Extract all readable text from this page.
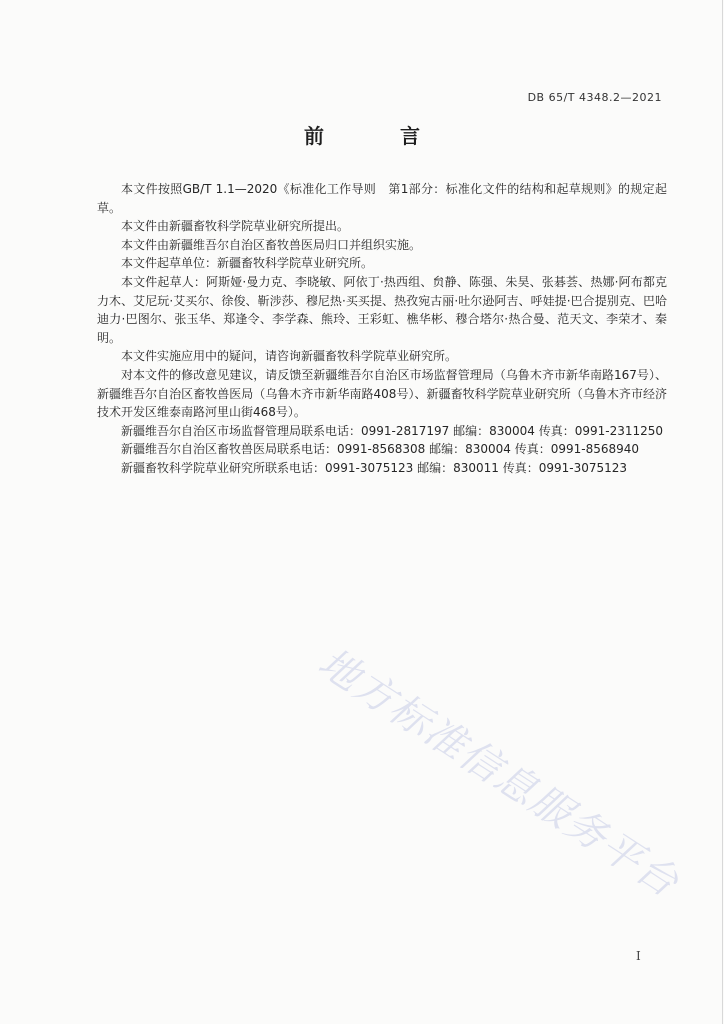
DB 65/T 4348.2—2021
前　言

本文件按照GB/T 1.1—2020《标准化工作导则　第1部分：标准化文件的结构和起草规则》的规定起草。

本文件由新疆畜牧科学院草业研究所提出。

本文件由新疆维吾尔自治区畜牧兽医局归口并组织实施。

本文件起草单位：新疆畜牧科学院草业研究所。

本文件起草人：阿斯娅·曼力克、李晓敏、阿依丁·热西组、贠静、陈强、朱昊、张碁荟、热娜·阿布都克力木、艾尼玩·艾买尔、徐俊、靳涉莎、穆尼热·买买提、热孜宛古丽·吐尔逊阿吉、呼娃提·巴合提别克、巴哈迪力·巴图尔、张玉华、郑逢令、李学森、熊玲、王彩虹、樵华彬、穆合塔尔·热合曼、范天文、李荣才、秦明。

本文件实施应用中的疑问，请咨询新疆畜牧科学院草业研究所。

对本文件的修改意见建议，请反馈至新疆维吾尔自治区市场监督管理局（乌鲁木齐市新华南路167号）、新疆维吾尔自治区畜牧兽医局（乌鲁木齐市新华南路408号）、新疆畜牧科学院草业研究所（乌鲁木齐市经济技术开发区维泰南路河里山街468号）。

新疆维吾尔自治区市场监督管理局联系电话：0991-2817197 邮编：830004 传真：0991-2311250

新疆维吾尔自治区畜牧兽医局联系电话：0991-8568308 邮编：830004 传真：0991-8568940

新疆畜牧科学院草业研究所联系电话：0991-3075123 邮编：830011 传真：0991-3075123

地方标准信息服务平台
I
